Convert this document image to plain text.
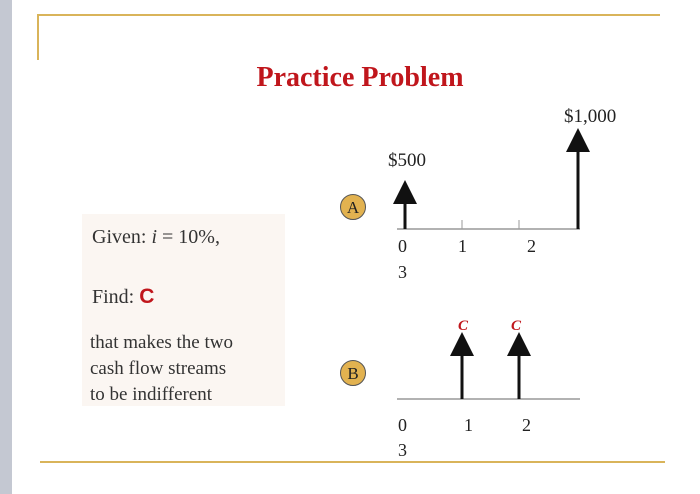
Practice Problem
Given: i = 10%,
Find: C
that makes the two
cash flow streams
to be indifferent
A
B
$500
$1,000
0	1	2
3
C	C
0	1	2
3
